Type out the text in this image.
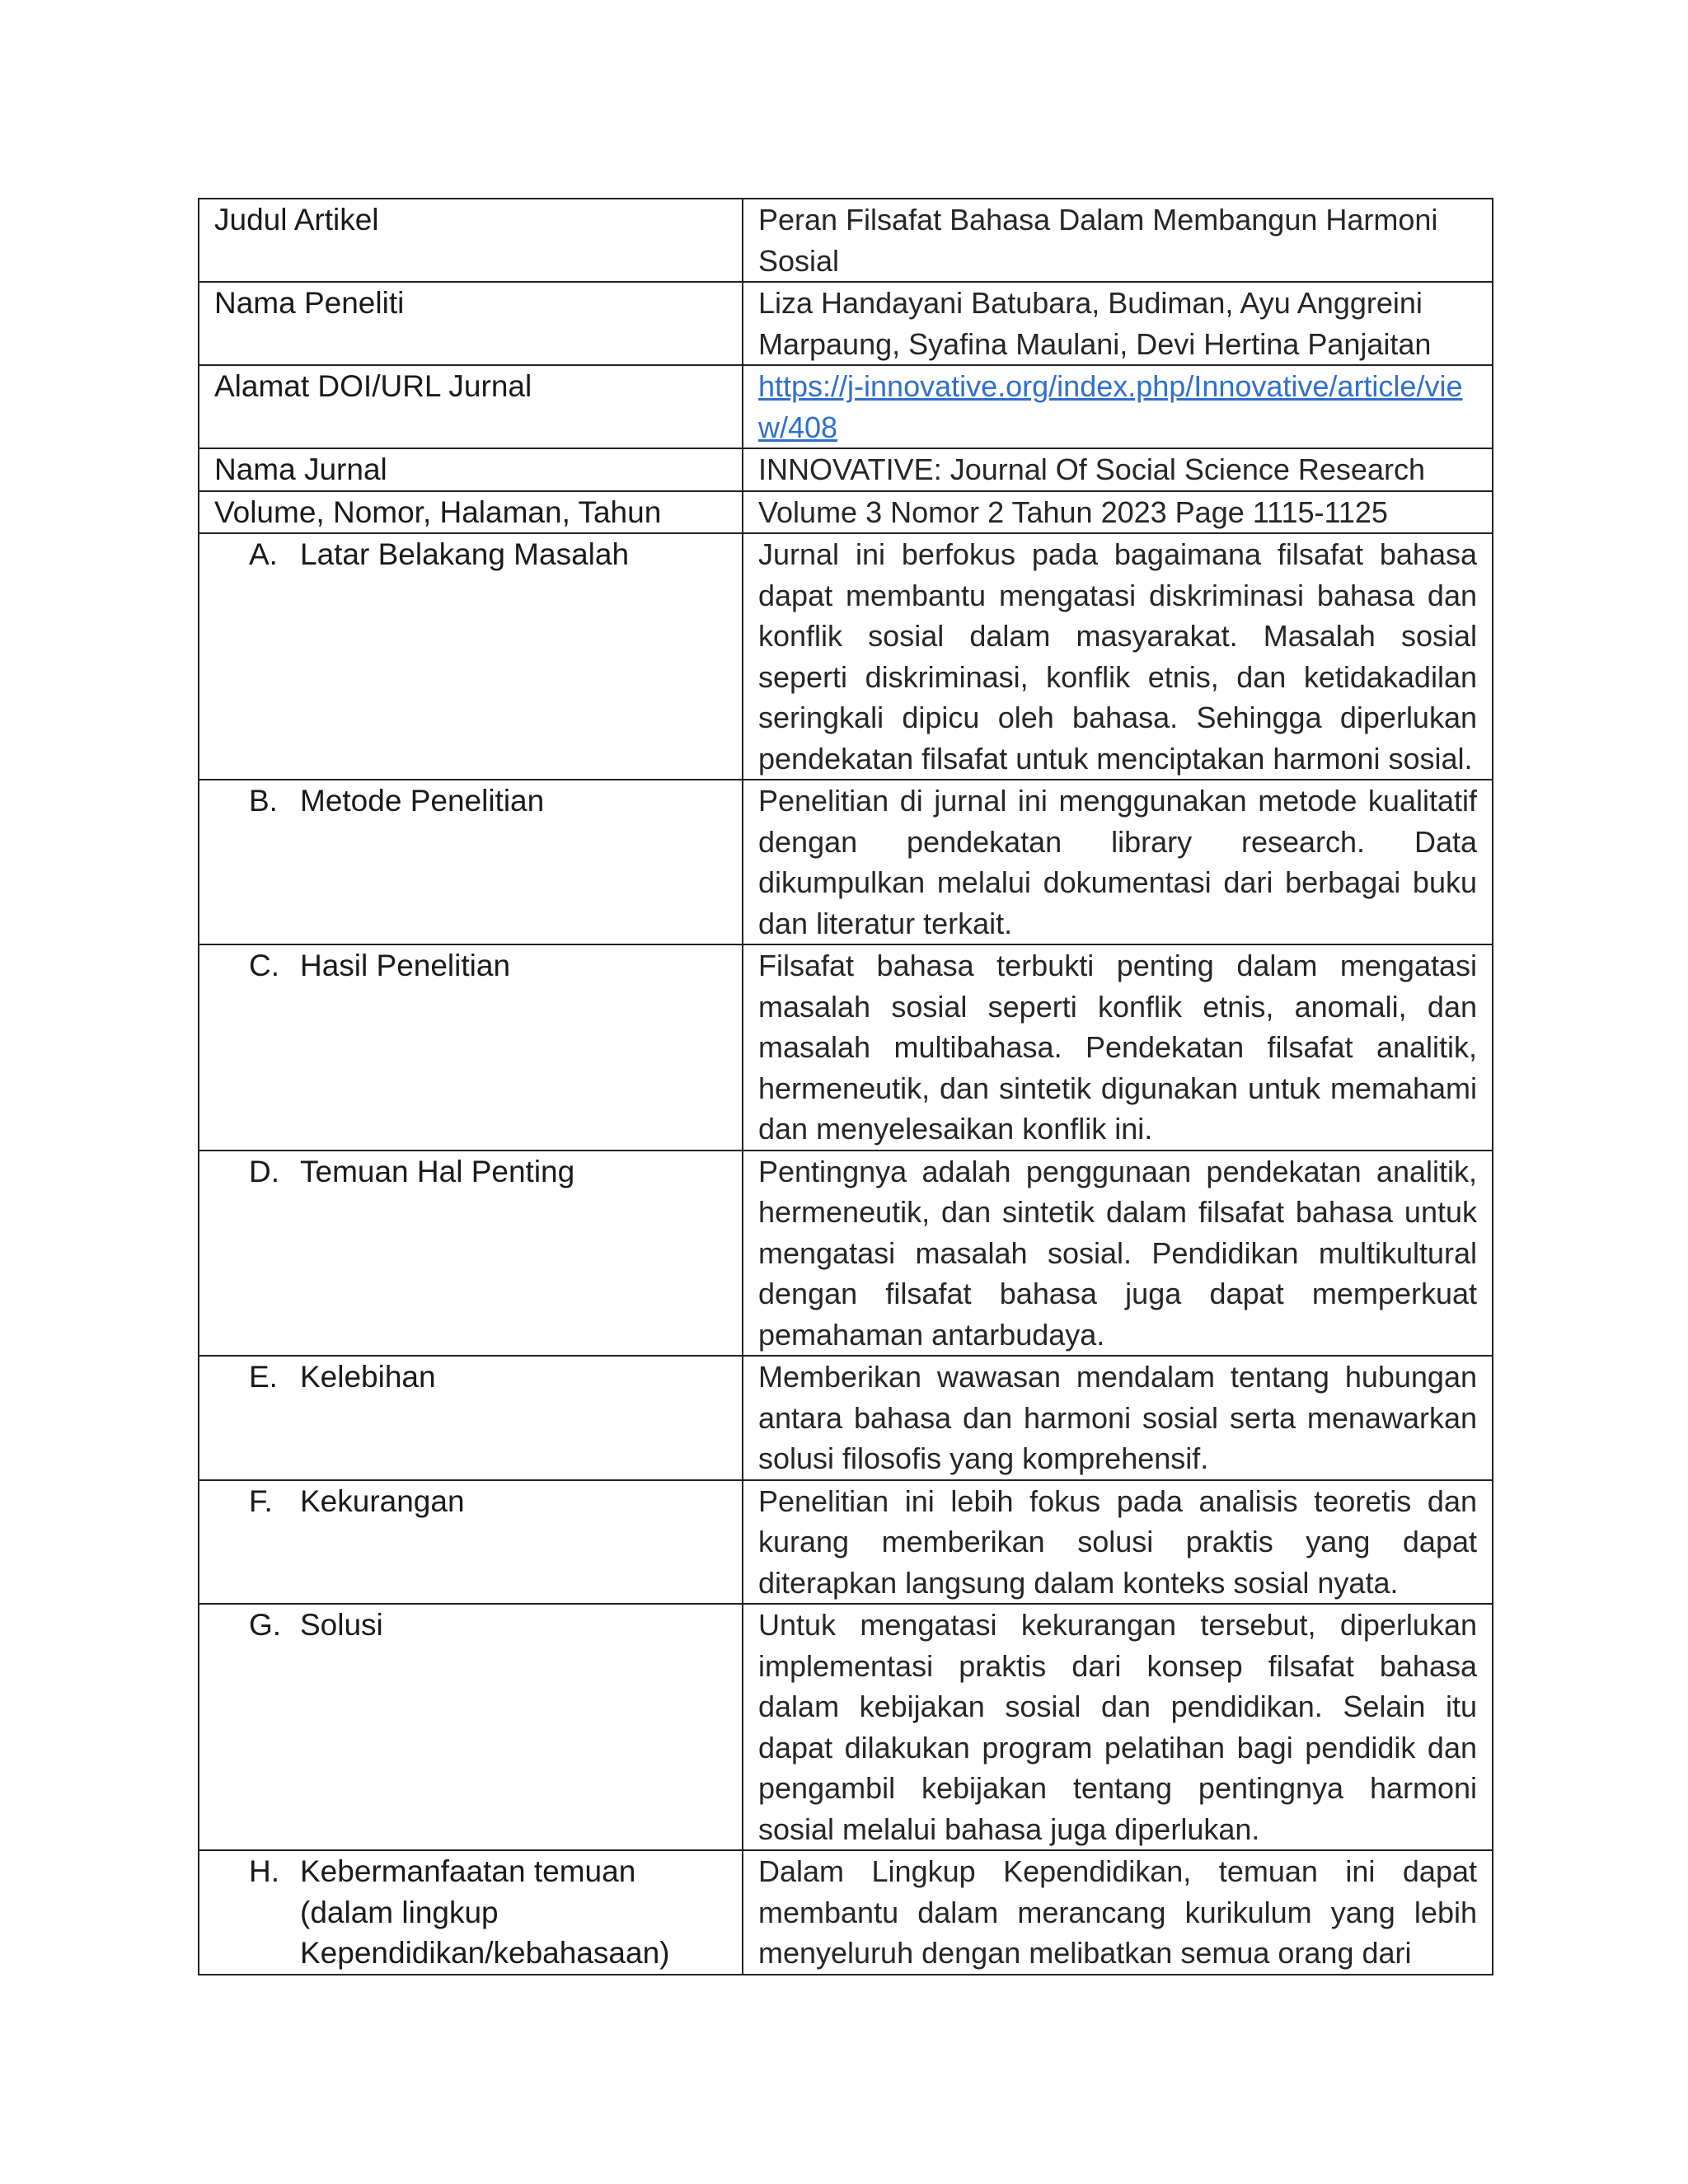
Judul Artikel	Peran Filsafat Bahasa Dalam Membangun Harmoni Sosial
Nama Peneliti	Liza Handayani Batubara, Budiman, Ayu Anggreini Marpaung, Syafina Maulani, Devi Hertina Panjaitan
Alamat DOI/URL Jurnal	https://j-innovative.org/index.php/Innovative/article/view/408
Nama Jurnal	INNOVATIVE: Journal Of Social Science Research
Volume, Nomor, Halaman, Tahun	Volume 3 Nomor 2 Tahun 2023 Page 1115-1125

A. Latar Belakang Masalah	Jurnal ini berfokus pada bagaimana filsafat bahasa dapat membantu mengatasi diskriminasi bahasa dan konflik sosial dalam masyarakat. Masalah sosial seperti diskriminasi, konflik etnis, dan ketidakadilan seringkali dipicu oleh bahasa. Sehingga diperlukan pendekatan filsafat untuk menciptakan harmoni sosial.

B. Metode Penelitian	Penelitian di jurnal ini menggunakan metode kualitatif dengan pendekatan library research. Data dikumpulkan melalui dokumentasi dari berbagai buku dan literatur terkait.

C. Hasil Penelitian	Filsafat bahasa terbukti penting dalam mengatasi masalah sosial seperti konflik etnis, anomali, dan masalah multibahasa. Pendekatan filsafat analitik, hermeneutik, dan sintetik digunakan untuk memahami dan menyelesaikan konflik ini.

D. Temuan Hal Penting	Pentingnya adalah penggunaan pendekatan analitik, hermeneutik, dan sintetik dalam filsafat bahasa untuk mengatasi masalah sosial. Pendidikan multikultural dengan filsafat bahasa juga dapat memperkuat pemahaman antarbudaya.

E. Kelebihan	Memberikan wawasan mendalam tentang hubungan antara bahasa dan harmoni sosial serta menawarkan solusi filosofis yang komprehensif.

F. Kekurangan	Penelitian ini lebih fokus pada analisis teoretis dan kurang memberikan solusi praktis yang dapat diterapkan langsung dalam konteks sosial nyata.

G. Solusi	Untuk mengatasi kekurangan tersebut, diperlukan implementasi praktis dari konsep filsafat bahasa dalam kebijakan sosial dan pendidikan. Selain itu dapat dilakukan program pelatihan bagi pendidik dan pengambil kebijakan tentang pentingnya harmoni sosial melalui bahasa juga diperlukan.

H. Kebermanfaatan temuan (dalam lingkup Kependidikan/kebahasaan)	Dalam Lingkup Kependidikan, temuan ini dapat membantu dalam merancang kurikulum yang lebih menyeluruh dengan melibatkan semua orang dari
